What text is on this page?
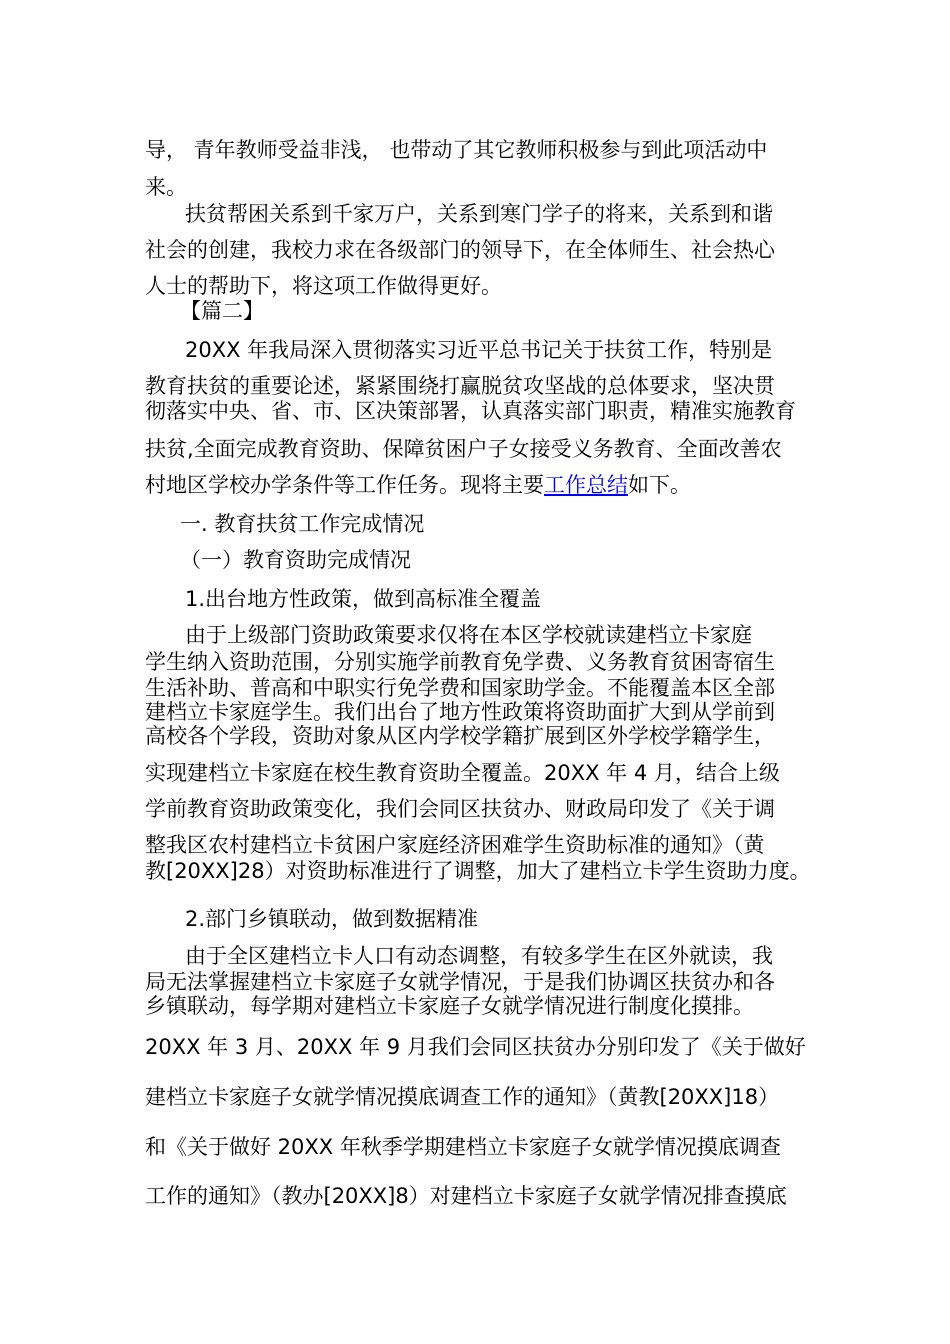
导， 青年教师受益非浅， 也带动了其它教师积极参与到此项活动中

来。

扶贫帮困关系到千家万户，关系到寒门学子的将来，关系到和谐

社会的创建，我校力求在各级部门的领导下，在全体师生、社会热心

人士的帮助下，将这项工作做得更好。

【篇二】

20XX 年我局深入贯彻落实习近平总书记关于扶贫工作，特别是

教育扶贫的重要论述，紧紧围绕打赢脱贫攻坚战的总体要求，坚决贯

彻落实中央、省、市、区决策部署，认真落实部门职责，精准实施教育

扶贫,全面完成教育资助、保障贫困户子女接受义务教育、全面改善农

村地区学校办学条件等工作任务。现将主要工作总结如下。

一. 教育扶贫工作完成情况

（一）教育资助完成情况

1.出台地方性政策，做到高标准全覆盖

由于上级部门资助政策要求仅将在本区学校就读建档立卡家庭

学生纳入资助范围，分别实施学前教育免学费、义务教育贫困寄宿生

生活补助、普高和中职实行免学费和国家助学金。不能覆盖本区全部

建档立卡家庭学生。我们出台了地方性政策将资助面扩大到从学前到

高校各个学段，资助对象从区内学校学籍扩展到区外学校学籍学生，

实现建档立卡家庭在校生教育资助全覆盖。20XX 年 4 月，结合上级

学前教育资助政策变化，我们会同区扶贫办、财政局印发了《关于调

整我区农村建档立卡贫困户家庭经济困难学生资助标准的通知》（黄

教[20XX]28）对资助标准进行了调整，加大了建档立卡学生资助力度。

2.部门乡镇联动，做到数据精准

由于全区建档立卡人口有动态调整，有较多学生在区外就读，我

局无法掌握建档立卡家庭子女就学情况，于是我们协调区扶贫办和各

乡镇联动，每学期对建档立卡家庭子女就学情况进行制度化摸排。

20XX 年 3 月、20XX 年 9 月我们会同区扶贫办分别印发了《关于做好

建档立卡家庭子女就学情况摸底调查工作的通知》（黄教[20XX]18）

和《关于做好 20XX 年秋季学期建档立卡家庭子女就学情况摸底调查

工作的通知》（教办[20XX]8）对建档立卡家庭子女就学情况排查摸底
